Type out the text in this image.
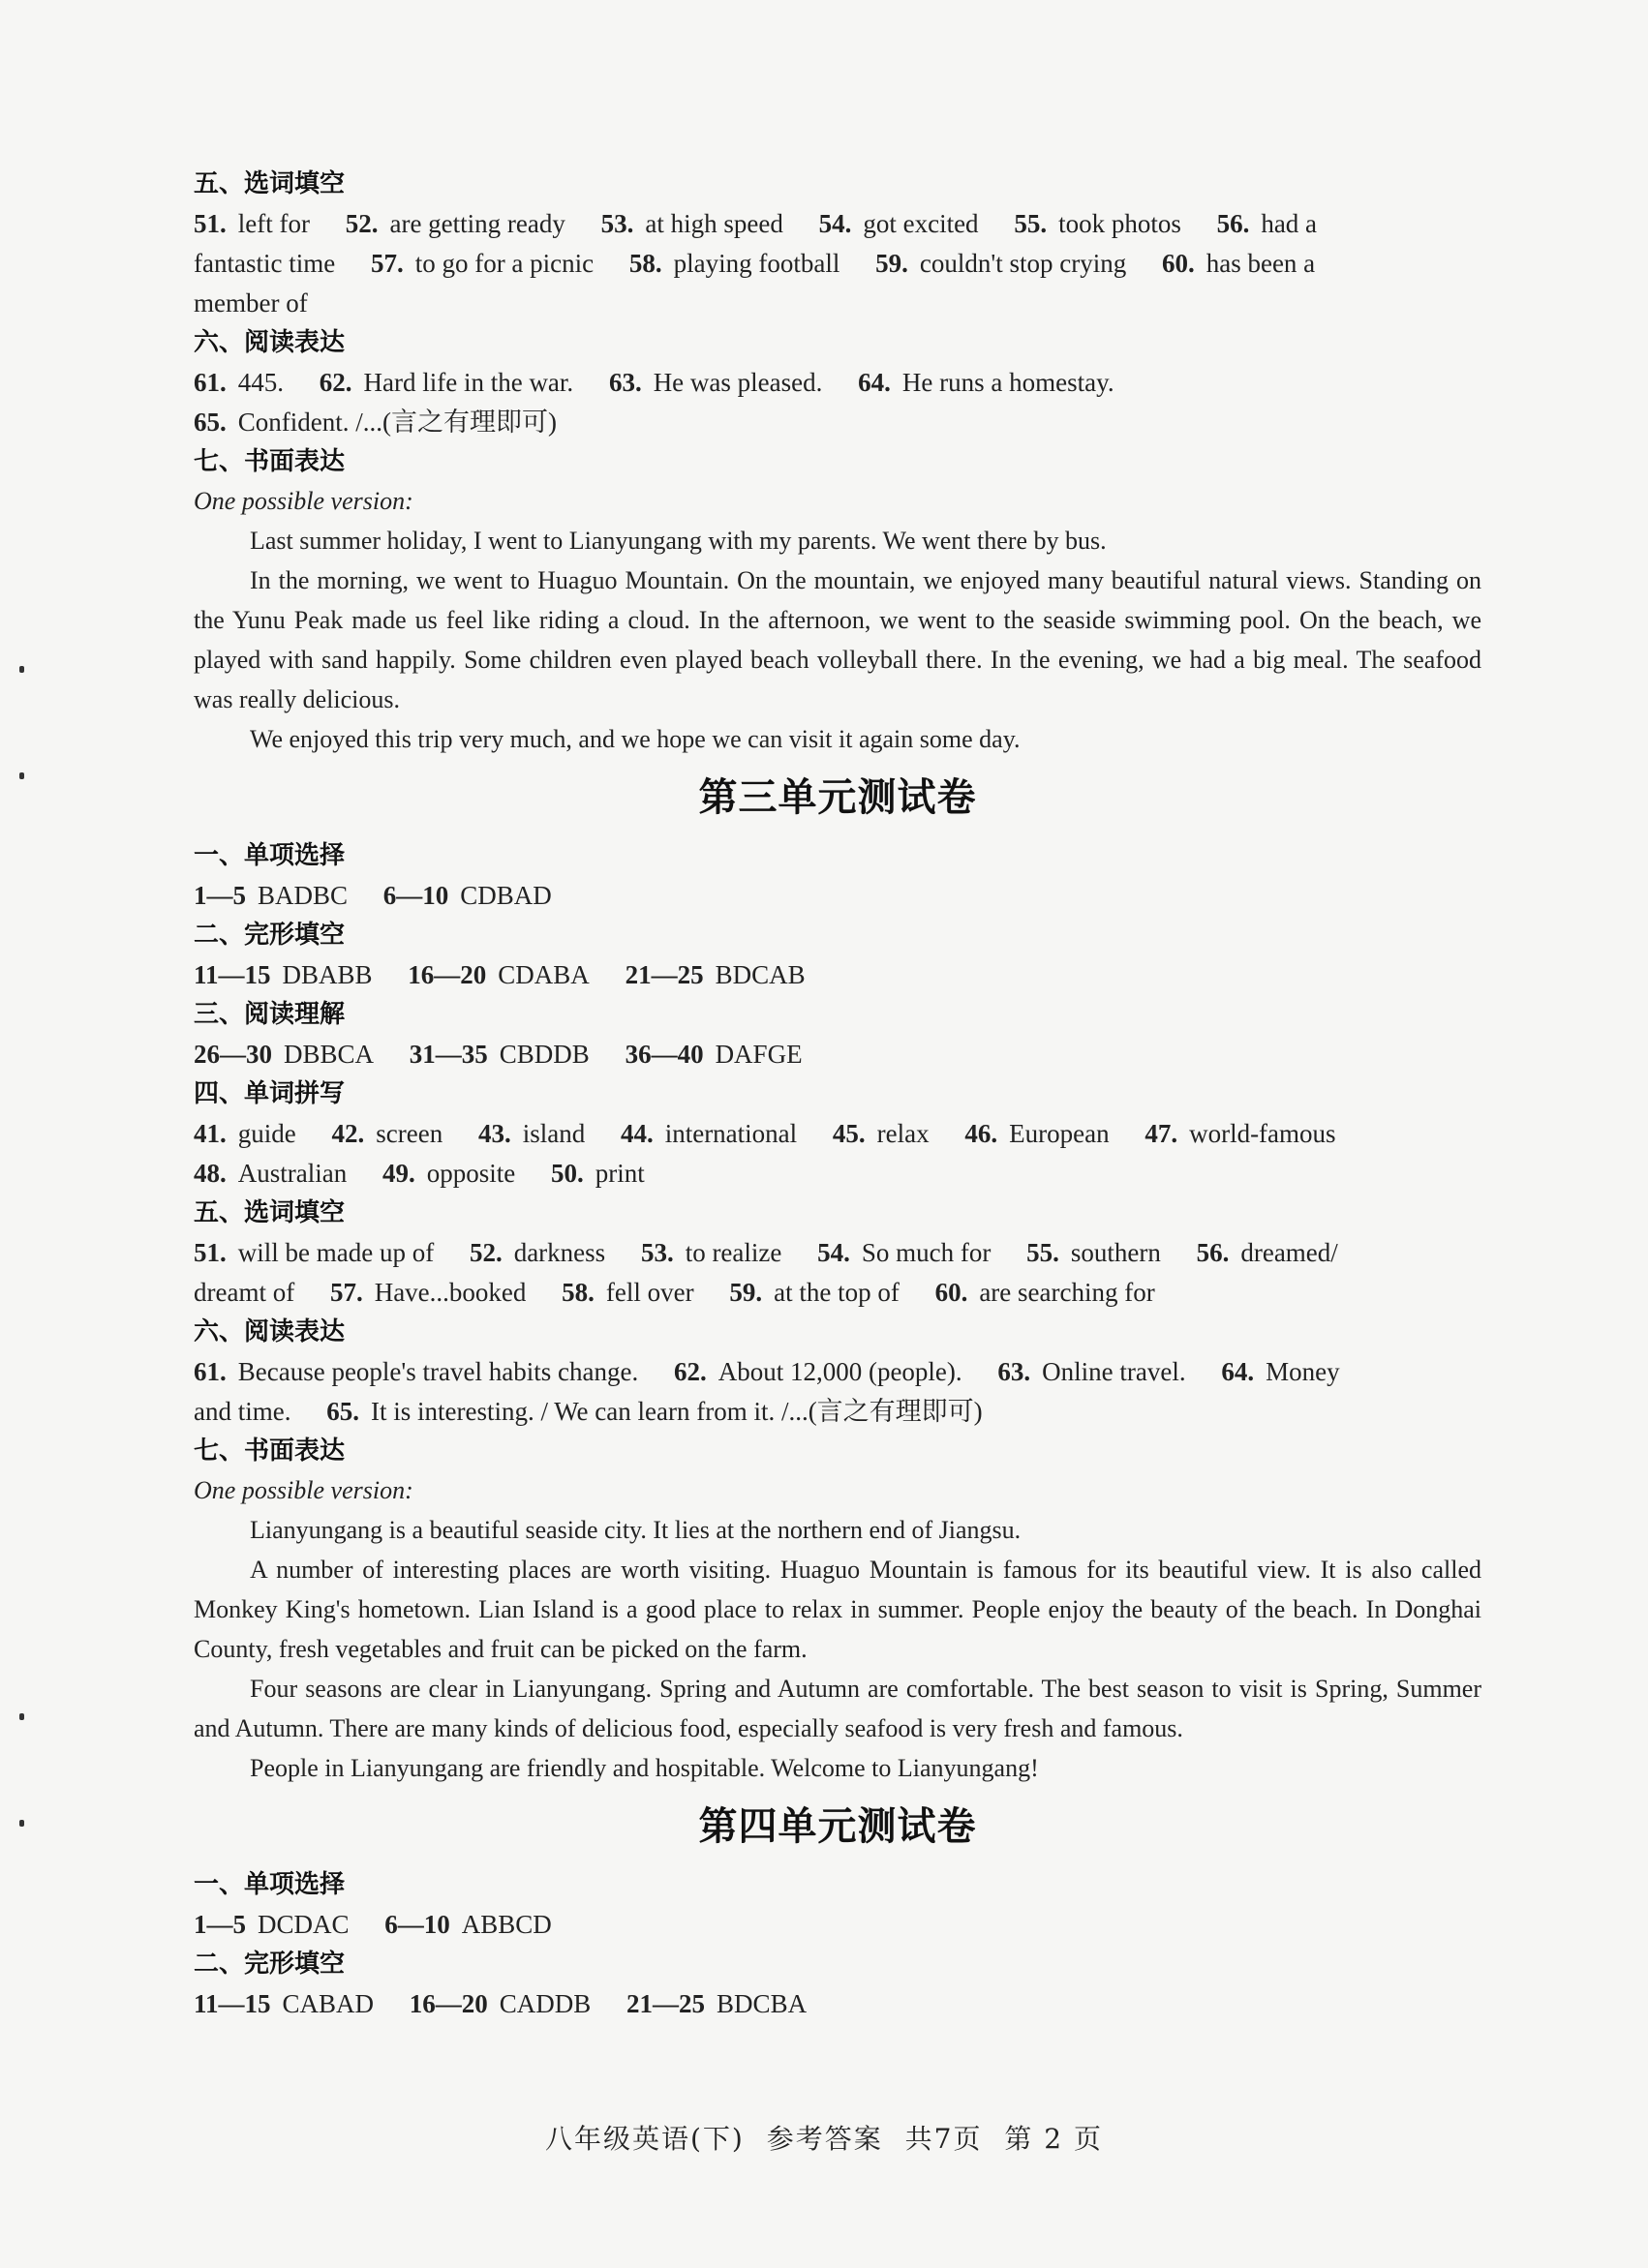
五、选词填空
51. left for 52. are getting ready 53. at high speed 54. got excited 55. took photos 56. had a
fantastic time 57. to go for a picnic 58. playing football 59. couldn't stop crying 60. has been a
member of
六、阅读表达
61. 445. 62. Hard life in the war. 63. He was pleased. 64. He runs a homestay.
65. Confident. /...(言之有理即可)
七、书面表达
One possible version:
Last summer holiday, I went to Lianyungang with my parents. We went there by bus.
In the morning, we went to Huaguo Mountain. On the mountain, we enjoyed many beautiful natural views. Standing on the Yunu Peak made us feel like riding a cloud. In the afternoon, we went to the seaside swimming pool. On the beach, we played with sand happily. Some children even played beach volleyball there. In the evening, we had a big meal. The seafood was really delicious.
We enjoyed this trip very much, and we hope we can visit it again some day.
第三单元测试卷
一、单项选择
1—5 BADBC 6—10 CDBAD
二、完形填空
11—15 DBABB 16—20 CDABA 21—25 BDCAB
三、阅读理解
26—30 DBBCA 31—35 CBDDB 36—40 DAFGE
四、单词拼写
41. guide 42. screen 43. island 44. international 45. relax 46. European 47. world-famous
48. Australian 49. opposite 50. print
五、选词填空
51. will be made up of 52. darkness 53. to realize 54. So much for 55. southern 56. dreamed/
dreamt of 57. Have...booked 58. fell over 59. at the top of 60. are searching for
六、阅读表达
61. Because people's travel habits change. 62. About 12,000 (people). 63. Online travel. 64. Money
and time. 65. It is interesting. / We can learn from it. /...(言之有理即可)
七、书面表达
One possible version:
Lianyungang is a beautiful seaside city. It lies at the northern end of Jiangsu.
A number of interesting places are worth visiting. Huaguo Mountain is famous for its beautiful view. It is also called Monkey King's hometown. Lian Island is a good place to relax in summer. People enjoy the beauty of the beach. In Donghai County, fresh vegetables and fruit can be picked on the farm.
Four seasons are clear in Lianyungang. Spring and Autumn are comfortable. The best season to visit is Spring, Summer and Autumn. There are many kinds of delicious food, especially seafood is very fresh and famous.
People in Lianyungang are friendly and hospitable. Welcome to Lianyungang!
第四单元测试卷
一、单项选择
1—5 DCDAC 6—10 ABBCD
二、完形填空
11—15 CABAD 16—20 CADDB 21—25 BDCBA
八年级英语(下) 参考答案 共7页 第 2 页
